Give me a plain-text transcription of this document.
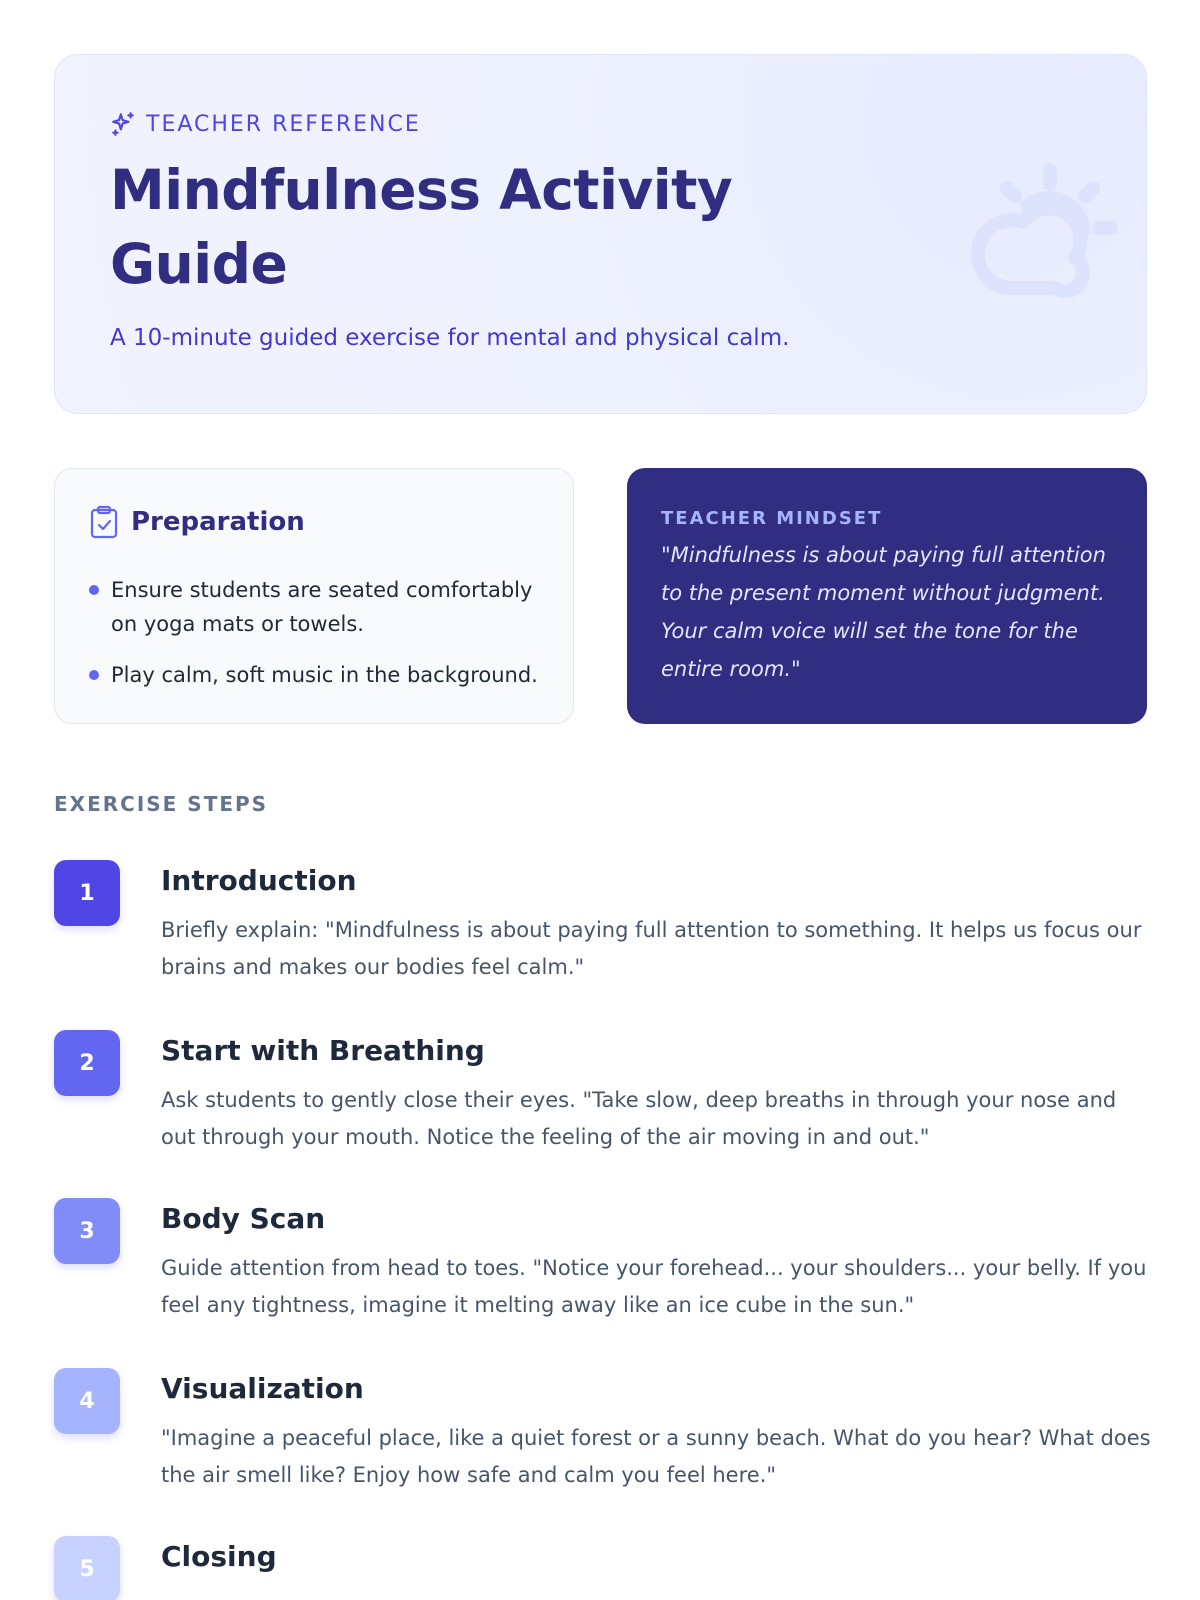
TEACHER REFERENCE
Mindfulness Activity Guide

A 10-minute guided exercise for mental and physical calm.

Preparation
Ensure students are seated comfortably on yoga mats or towels.
Play calm, soft music in the background.
TEACHER MINDSET

"Mindfulness is about paying full attention to the present moment without judgment. Your calm voice will set the tone for the entire room."

EXERCISE STEPS
1	Introduction

Briefly explain: "Mindfulness is about paying full attention to something. It helps us focus our brains and makes our bodies feel calm."

2	Start with Breathing

Ask students to gently close their eyes. "Take slow, deep breaths in through your nose and out through your mouth. Notice the feeling of the air moving in and out."

3	Body Scan

Guide attention from head to toes. "Notice your forehead... your shoulders... your belly. If you feel any tightness, imagine it melting away like an ice cube in the sun."

4	Visualization

"Imagine a peaceful place, like a quiet forest or a sunny beach. What do you hear? What does the air smell like? Enjoy how safe and calm you feel here."

5	Closing
